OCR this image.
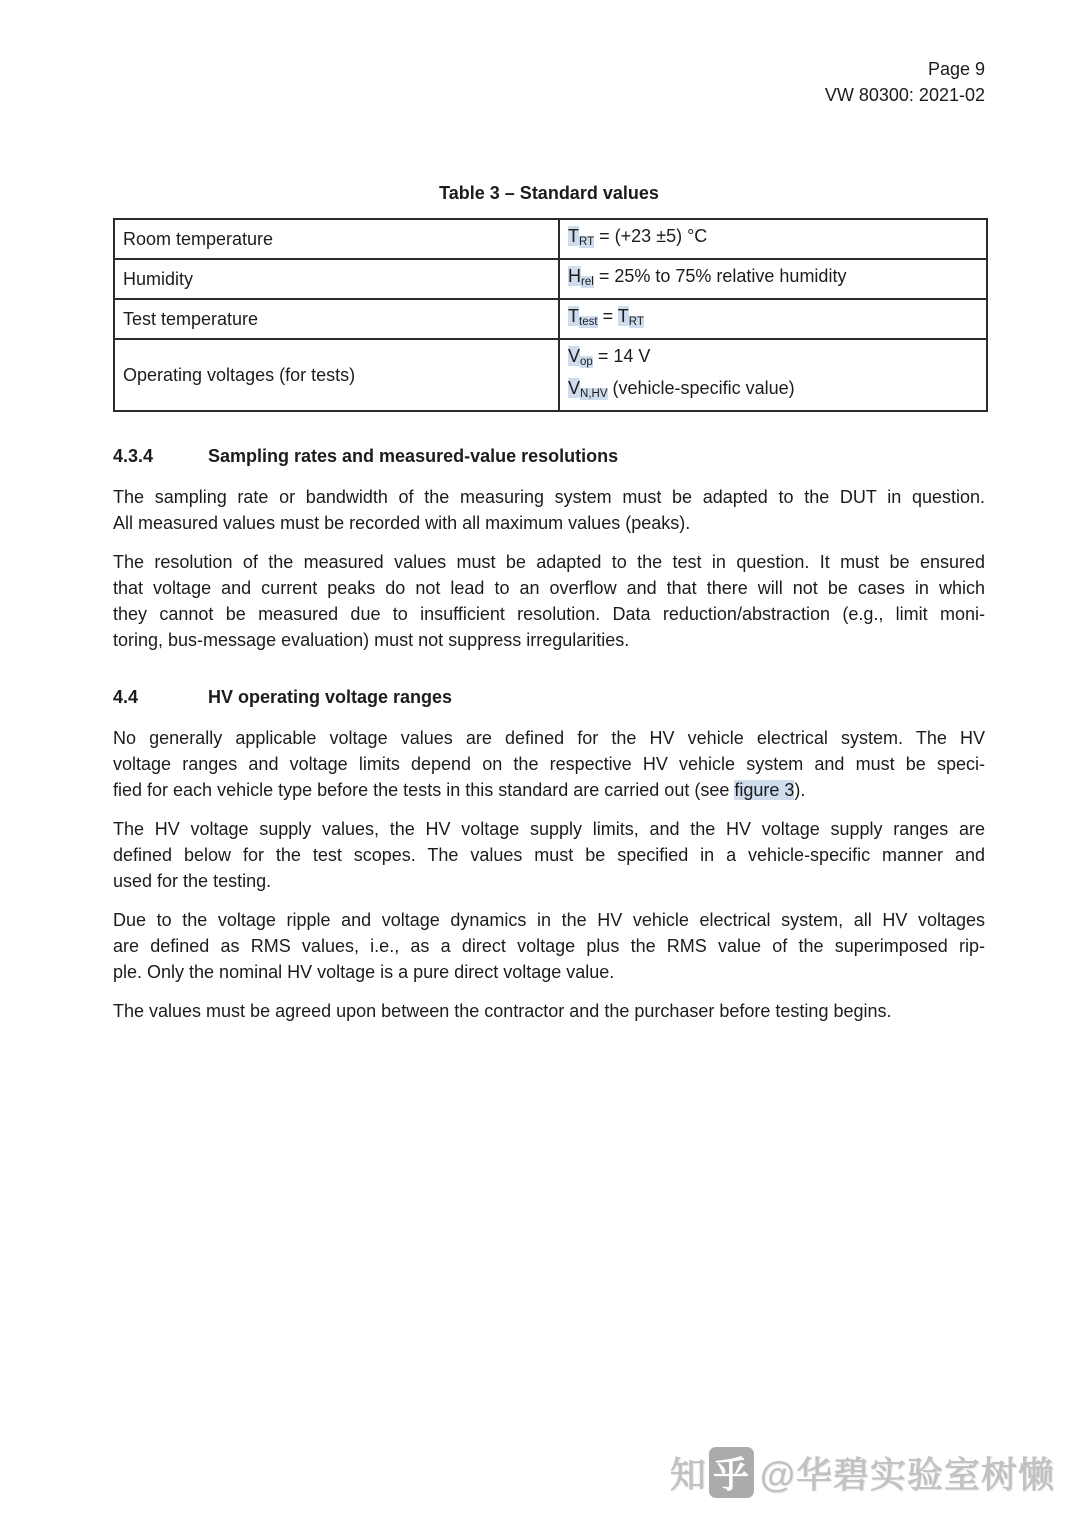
Page 9
VW 80300: 2021-02
Table 3 – Standard values
Room temperature	$T_{RT} = (+23 \pm 5)$ °C

Humidity	$H_{rel} = 25\%$ to 75% relative humidity

Test temperature	$T_{test} = T_{RT}$

Operating voltages (for tests)	$V_{op} = 14$ V
$V_{N,HV}$ (vehicle-specific value)
4.3.4	Sampling rates and measured-value resolutions
The sampling rate or bandwidth of the measuring system must be adapted to the DUT in question.
All measured values must be recorded with all maximum values (peaks).
The resolution of the measured values must be adapted to the test in question. It must be ensured
that voltage and current peaks do not lead to an overflow and that there will not be cases in which
they cannot be measured due to insufficient resolution. Data reduction/abstraction (e.g., limit moni-
toring, bus-message evaluation) must not suppress irregularities.
4.4	HV operating voltage ranges
No generally applicable voltage values are defined for the HV vehicle electrical system. The HV
voltage ranges and voltage limits depend on the respective HV vehicle system and must be speci-
fied for each vehicle type before the tests in this standard are carried out (see figure 3).
The HV voltage supply values, the HV voltage supply limits, and the HV voltage supply ranges are
defined below for the test scopes. The values must be specified in a vehicle-specific manner and
used for the testing.
Due to the voltage ripple and voltage dynamics in the HV vehicle electrical system, all HV voltages
are defined as RMS values, i.e., as a direct voltage plus the RMS value of the superimposed rip-
ple. Only the nominal HV voltage is a pure direct voltage value.
The values must be agreed upon between the contractor and the purchaser before testing begins.
知 乎 @华碧实验室树懒
